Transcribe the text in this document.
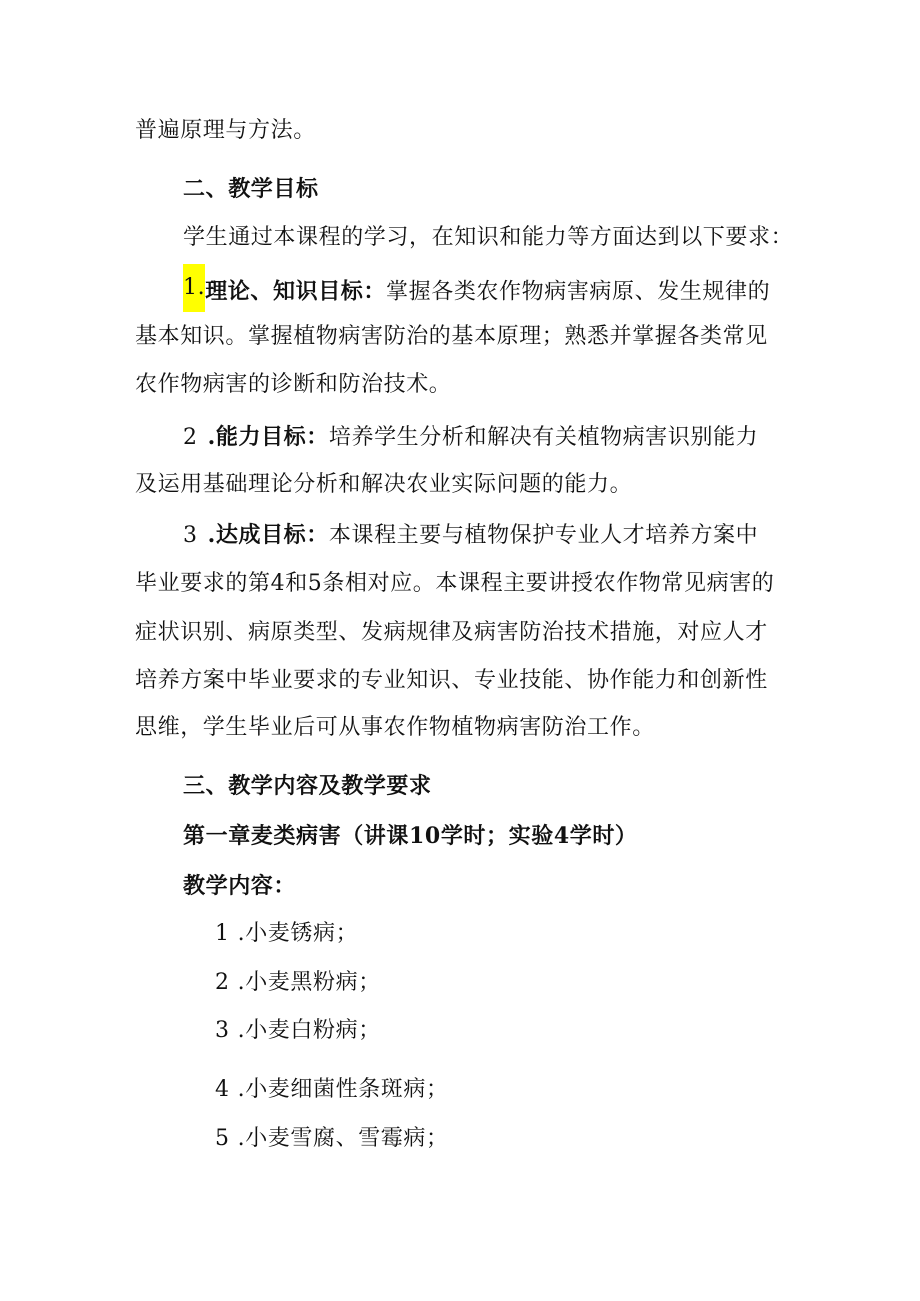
普遍原理与方法。
二、教学目标
学生通过本课程的学习，在知识和能力等方面达到以下要求：
1.理论、知识目标：掌握各类农作物病害病原、发生规律的
基本知识。掌握植物病害防治的基本原理；熟悉并掌握各类常见
农作物病害的诊断和防治技术。
2 .能力目标：培养学生分析和解决有关植物病害识别能力
及运用基础理论分析和解决农业实际问题的能力。
3 .达成目标：本课程主要与植物保护专业人才培养方案中
毕业要求的第4和5条相对应。本课程主要讲授农作物常见病害的
症状识别、病原类型、发病规律及病害防治技术措施，对应人才
培养方案中毕业要求的专业知识、专业技能、协作能力和创新性
思维，学生毕业后可从事农作物植物病害防治工作。
三、教学内容及教学要求
第一章麦类病害（讲课10学时；实验4学时）
教学内容：
1 .小麦锈病；
2 .小麦黑粉病；
3 .小麦白粉病；
4 .小麦细菌性条斑病；
5 .小麦雪腐、雪霉病；
